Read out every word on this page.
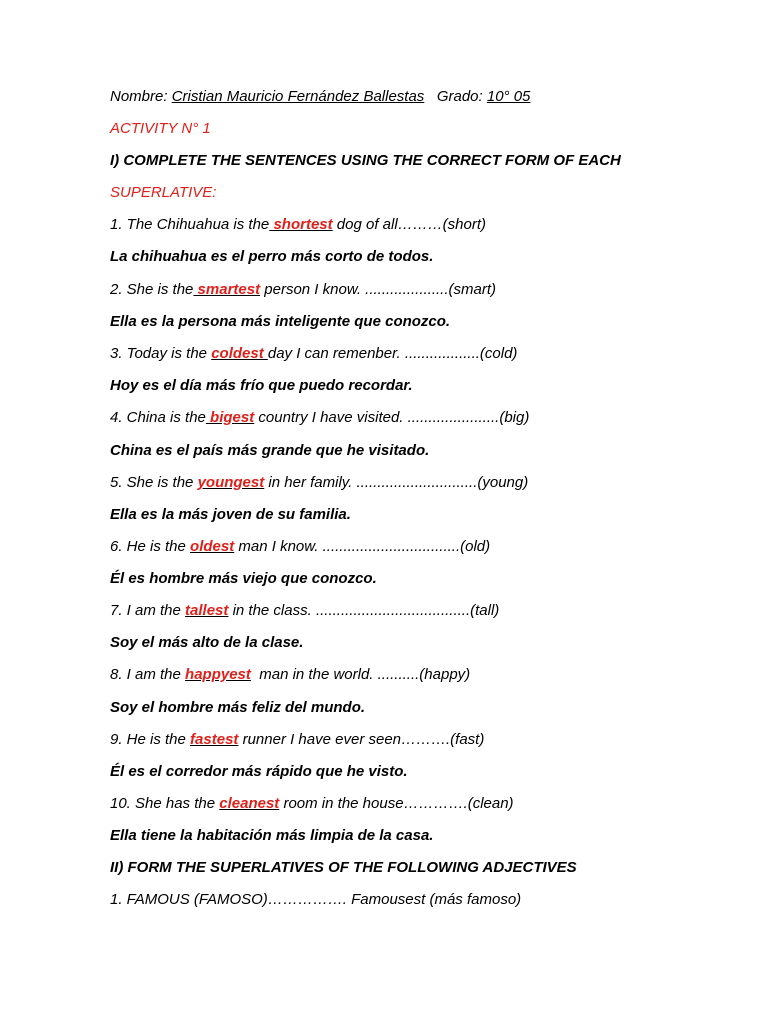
Nombre: Cristian Mauricio Fernández Ballestas Grado: 10° 05
ACTIVITY N° 1
I) COMPLETE THE SENTENCES USING THE CORRECT FORM OF EACH
SUPERLATIVE:
1. The Chihuahua is the shortest dog of all………(short)
La chihuahua es el perro más corto de todos.
2. She is the smartest person I know. ....................(smart)
Ella es la persona más inteligente que conozco.
3. Today is the coldest day I can remenber. ..................(cold)
Hoy es el día más frío que puedo recordar.
4. China is the bigest country I have visited. ......................(big)
China es el país más grande que he visitado.
5. She is the youngest in her family. .............................(young)
Ella es la más joven de su familia.
6. He is the oldest man I know. .................................(old)
Él es hombre más viejo que conozco.
7. I am the tallest in the class. .....................................(tall)
Soy el más alto de la clase.
8. I am the happyest  man in the world. ..........(happy)
Soy el hombre más feliz del mundo.
9. He is the fastest runner I have ever seen……….(fast)
Él es el corredor más rápido que he visto.
10. She has the cleanest room in the house………….(clean)
Ella tiene la habitación más limpia de la casa.
II) FORM THE SUPERLATIVES OF THE FOLLOWING ADJECTIVES
1. FAMOUS (FAMOSO)……………. Famousest (más famoso)
